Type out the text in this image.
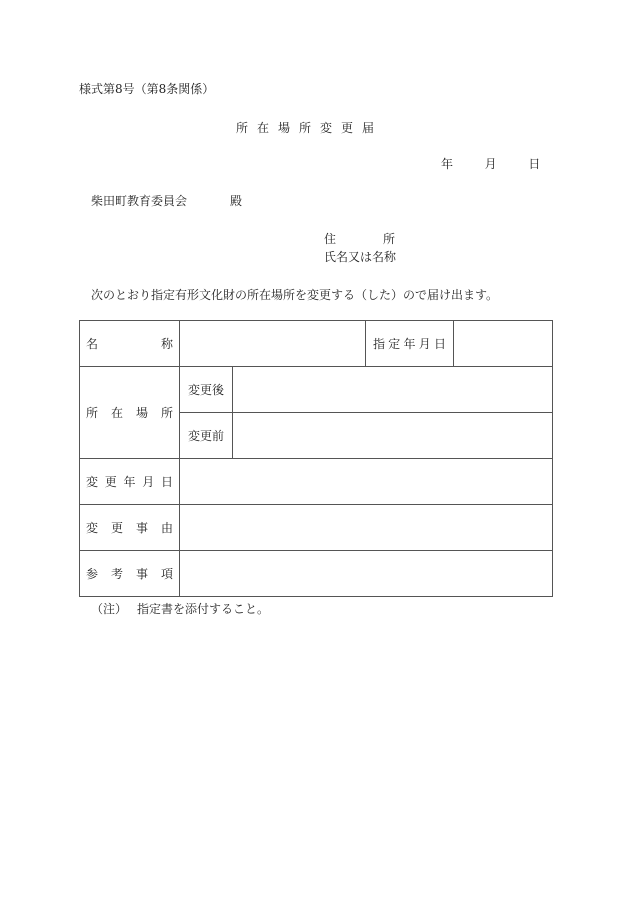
様式第8号（第8条関係）
所在場所変更届
年	月	日
柴田町教育委員会	殿
住	所
氏名又は名称
次のとおり指定有形文化財の所在場所を変更する（した）ので届け出ます。
名 称			指 定 年 月 日	

所 在 場 所	変更後			
	変更前			

変 更 年 月 日				

変 更 事 由				

参 考 事 項				

（注） 指定書を添付すること。
